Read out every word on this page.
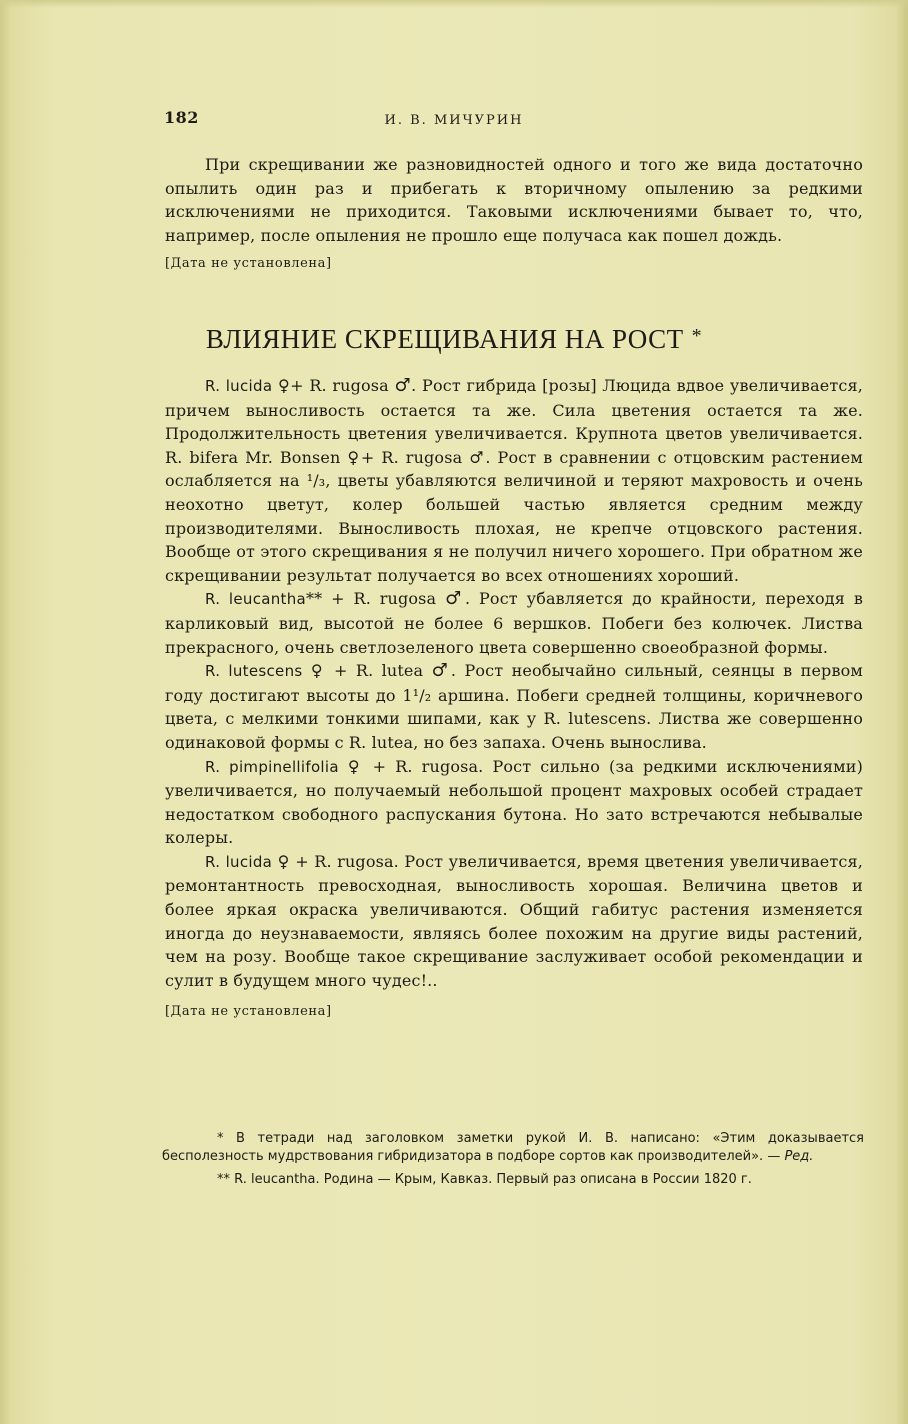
182	И. В. МИЧУРИН

При скрещивании же разновидностей одного и того же вида достаточно опылить один раз и прибегать к вторичному опылению за редкими исключениями не приходится. Таковыми исключениями бывает то, что, например, после опыления не прошло еще получаса как пошел дождь.

[Дата не установлена]

ВЛИЯНИЕ СКРЕЩИВАНИЯ НА РОСТ *

R. lucida ♀+ R. rugosa ♂. Рост гибрида [розы] Люцида вдвое увеличивается, причем выносливость остается та же. Сила цветения остается та же. Продолжительность цветения увеличивается. Крупнота цветов увеличивается. R. bifera Mr. Bonsen ♀+ R. rugosa ♂. Рост в сравнении с отцовским растением ослабляется на ¹/₃, цветы убавляются величиной и теряют махровость и очень неохотно цветут, колер большей частью является средним между производителями. Выносливость плохая, не крепче отцовского растения. Вообще от этого скрещивания я не получил ничего хорошего. При обратном же скрещивании результат получается во всех отношениях хороший.

R. leucantha** + R. rugosa ♂. Рост убавляется до крайности, переходя в карликовый вид, высотой не более 6 вершков. Побеги без колючек. Листва прекрасного, очень светлозеленого цвета совершенно своеобразной формы.

R. lutescens ♀ + R. lutea ♂. Рост необычайно сильный, сеянцы в первом году достигают высоты до 1¹/₂ аршина. Побеги средней толщины, коричневого цвета, с мелкими тонкими шипами, как у R. lutescens. Листва же совершенно одинаковой формы с R. lutea, но без запаха. Очень вынослива.

R. pimpinellifolia ♀ + R. rugosa. Рост сильно (за редкими исключениями) увеличивается, но получаемый небольшой процент махровых особей страдает недостатком свободного распускания бутона. Но зато встречаются небывалые колеры.

R. lucida ♀ + R. rugosa. Рост увеличивается, время цветения увеличивается, ремонтантность превосходная, выносливость хорошая. Величина цветов и более яркая окраска увеличиваются. Общий габитус растения изменяется иногда до неузнаваемости, являясь более похожим на другие виды растений, чем на розу. Вообще такое скрещивание заслуживает особой рекомендации и сулит в будущем много чудес!..

[Дата не установлена]

* В тетради над заголовком заметки рукой И. В. написано: «Этим доказывается бесполезность мудрствования гибридизатора в подборе сортов как производителей». — Ред.

** R. leucantha. Родина — Крым, Кавказ. Первый раз описана в России 1820 г.
